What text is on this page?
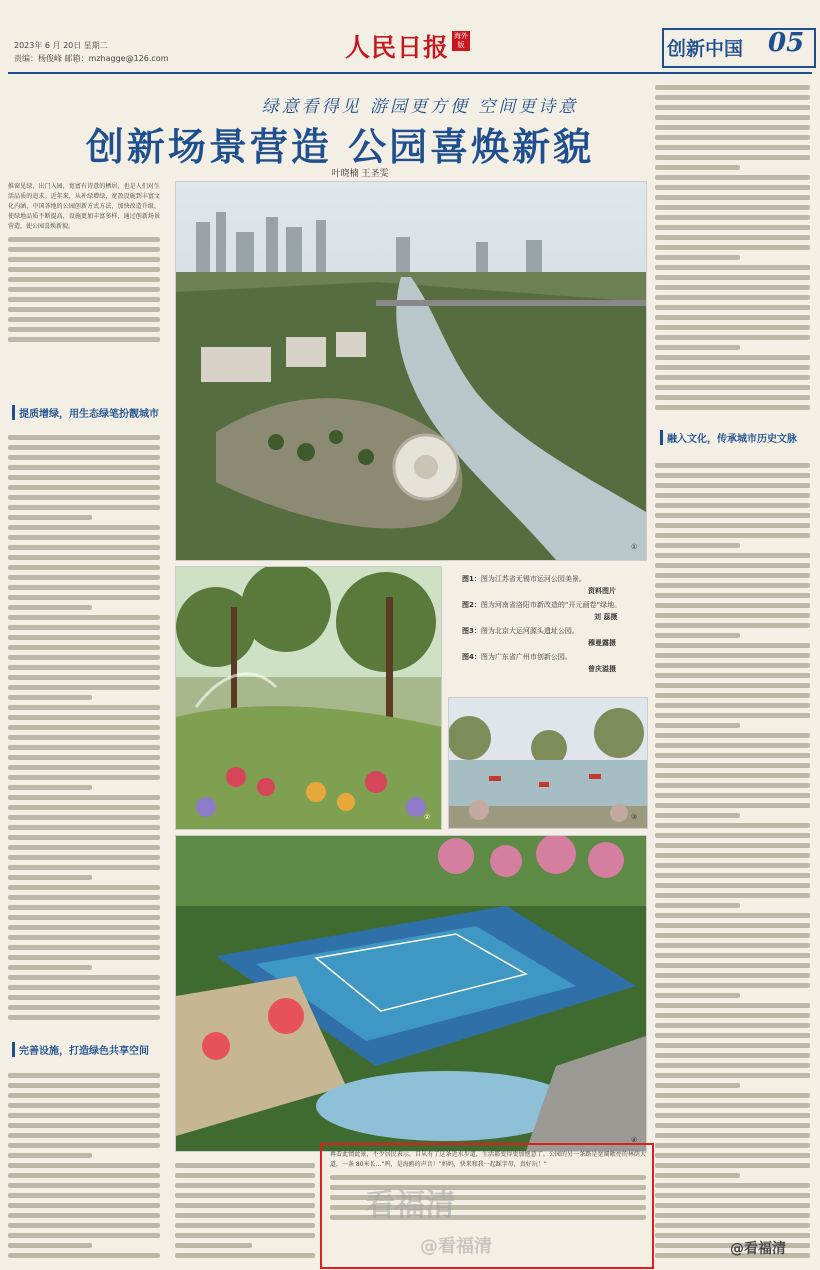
2023年 6 月 20日 星期二
责编：杨俊峰 邮箱：mzhagge@126.com	人民日报 海外版	创新中国 05
绿意看得见 游园更方便 空间更诗意
创新场景营造 公园喜焕新貌
叶晓楠 王圣雯
推窗见绿，出门入园，宽富有诗意的栖居，也是人们对生活品质的追求。近年来，从补绿增绿，宽盈设施到丰富文化内涵，中国各地的公园创新方式方法，加快改造升级，使绿地品质不断提高，设施更加丰富多样，通过创新场景营造，使公园喜焕新貌。
提质增绿，用生态绿笔扮靓城市
完善设施，打造绿色共享空间
图1：图为江苏省无锡市运河公园美景。
资料图片
图2：图为河南省洛阳市新改造的“开元画卷”绿地。
刘 蕊摄
图3：图为北京大运河源头遗址公园。
穆曼露摄
图4：图为广东省广州市创新公园。
曾庆溢摄
①
②	③
④
融入文化，传承城市历史文脉
再看此情此景，不少居民表示，自从有了这条近水步道，生活都变得更加惬意了。公园的另一条路是宽阔敞亮的林荫大道，一条 80米长…“呜，是海鸥的声音！”妈妈，快来和我一起踩字母，真好玩！”
看福清
@看福清	@看福清
